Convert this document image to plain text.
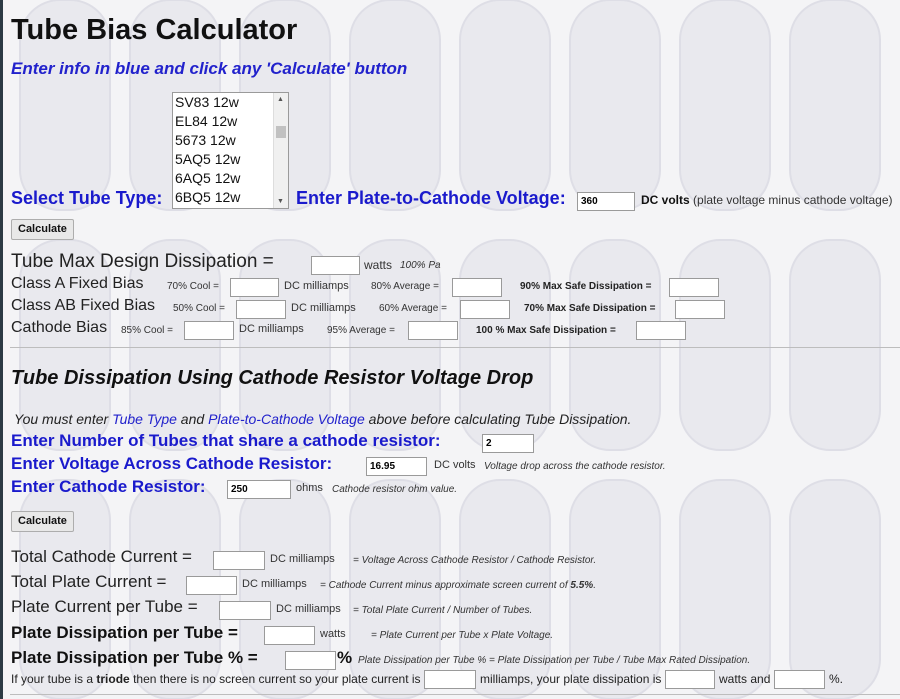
Tube Bias Calculator
Enter info in blue and click any 'Calculate' button
SV83 12w
EL84 12w
5673 12w
5AQ5 12w
6AQ5 12w
6BQ5 12w
▲
▼
Select Tube Type:	Enter Plate-to-Cathode Voltage:
360	DC volts (plate voltage minus cathode voltage)
Calculate
Tube Max Design Dissipation =	watts 100% Pa
Class A Fixed Bias 70% Cool =	DC milliamps 80% Average =	90% Max Safe Dissipation =
Class AB Fixed Bias 50% Cool =	DC milliamps 60% Average =	70% Max Safe Dissipation =
Cathode Bias 85% Cool =	DC milliamps 95% Average =	100 % Max Safe Dissipation =
Tube Dissipation Using Cathode Resistor Voltage Drop
You must enter Tube Type and Plate-to-Cathode Voltage above before calculating Tube Dissipation.
Enter Number of Tubes that share a cathode resistor:
2
Enter Voltage Across Cathode Resistor:
16.95	DC volts Voltage drop across the cathode resistor.
Enter Cathode Resistor:
250	ohms Cathode resistor ohm value.
Calculate
Total Cathode Current =	DC milliamps = Voltage Across Cathode Resistor / Cathode Resistor.
Total Plate Current =	DC milliamps = Cathode Current minus approximate screen current of 5.5%.
Plate Current per Tube =	DC milliamps = Total Plate Current / Number of Tubes.
Plate Dissipation per Tube =	watts	= Plate Current per Tube x Plate Voltage.
Plate Dissipation per Tube % =	% Plate Dissipation per Tube % = Plate Dissipation per Tube / Tube Max Rated Dissipation.
If your tube is a triode then there is no screen current so your plate current is	milliamps, your plate dissipation is	watts and	%.
